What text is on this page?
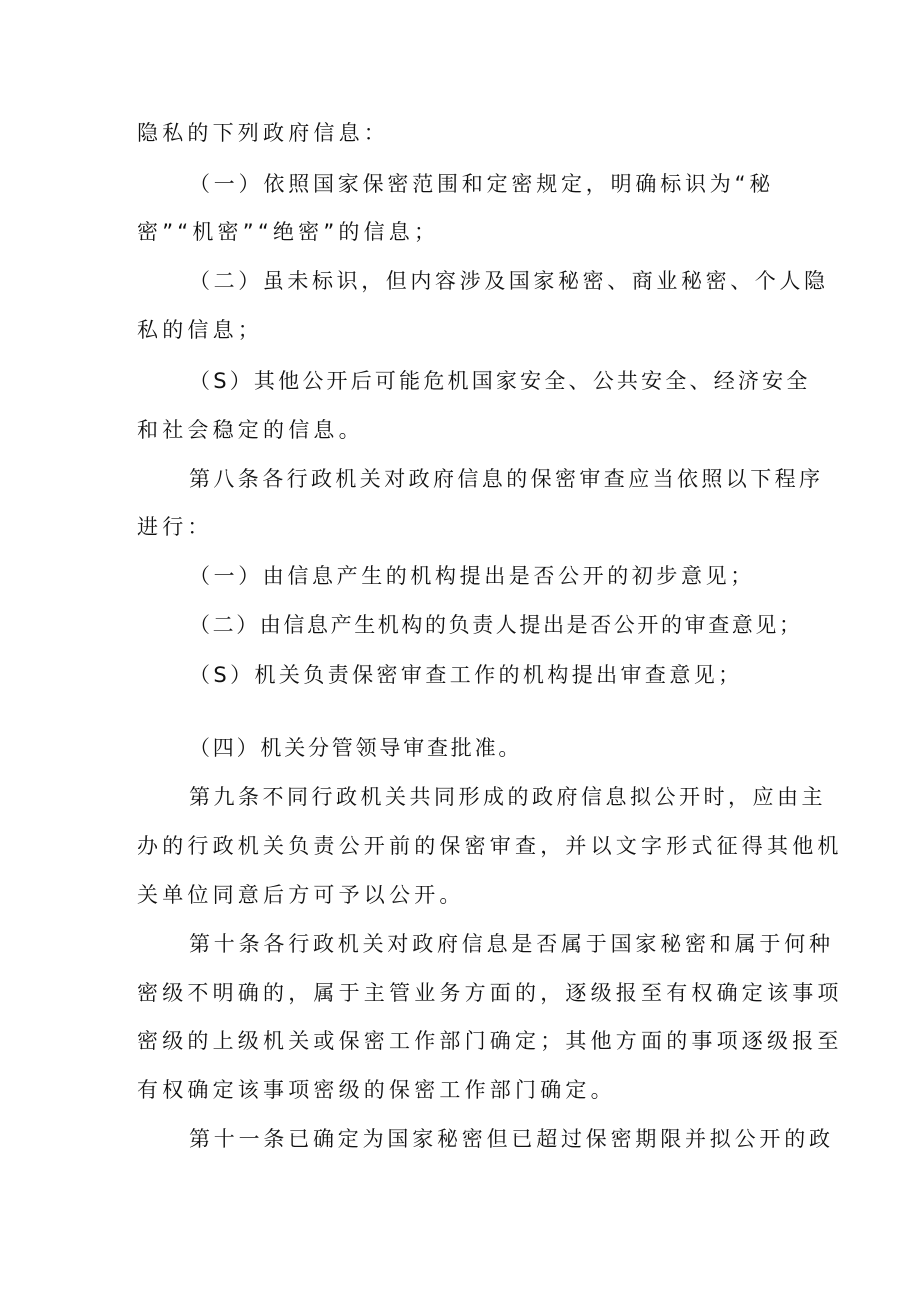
隐私的下列政府信息：
（一）依照国家保密范围和定密规定，明确标识为“秘
密”“机密”“绝密”的信息；
（二）虽未标识，但内容涉及国家秘密、商业秘密、个人隐
私的信息；
（S）其他公开后可能危机国家安全、公共安全、经济安全
和社会稳定的信息。
第八条各行政机关对政府信息的保密审查应当依照以下程序
进行：
（一）由信息产生的机构提出是否公开的初步意见；
（二）由信息产生机构的负责人提出是否公开的审查意见；
（S）机关负责保密审查工作的机构提出审查意见；
（四）机关分管领导审查批准。
第九条不同行政机关共同形成的政府信息拟公开时，应由主
办的行政机关负责公开前的保密审查，并以文字形式征得其他机
关单位同意后方可予以公开。
第十条各行政机关对政府信息是否属于国家秘密和属于何种
密级不明确的，属于主管业务方面的，逐级报至有权确定该事项
密级的上级机关或保密工作部门确定；其他方面的事项逐级报至
有权确定该事项密级的保密工作部门确定。
第十一条已确定为国家秘密但已超过保密期限并拟公开的政
